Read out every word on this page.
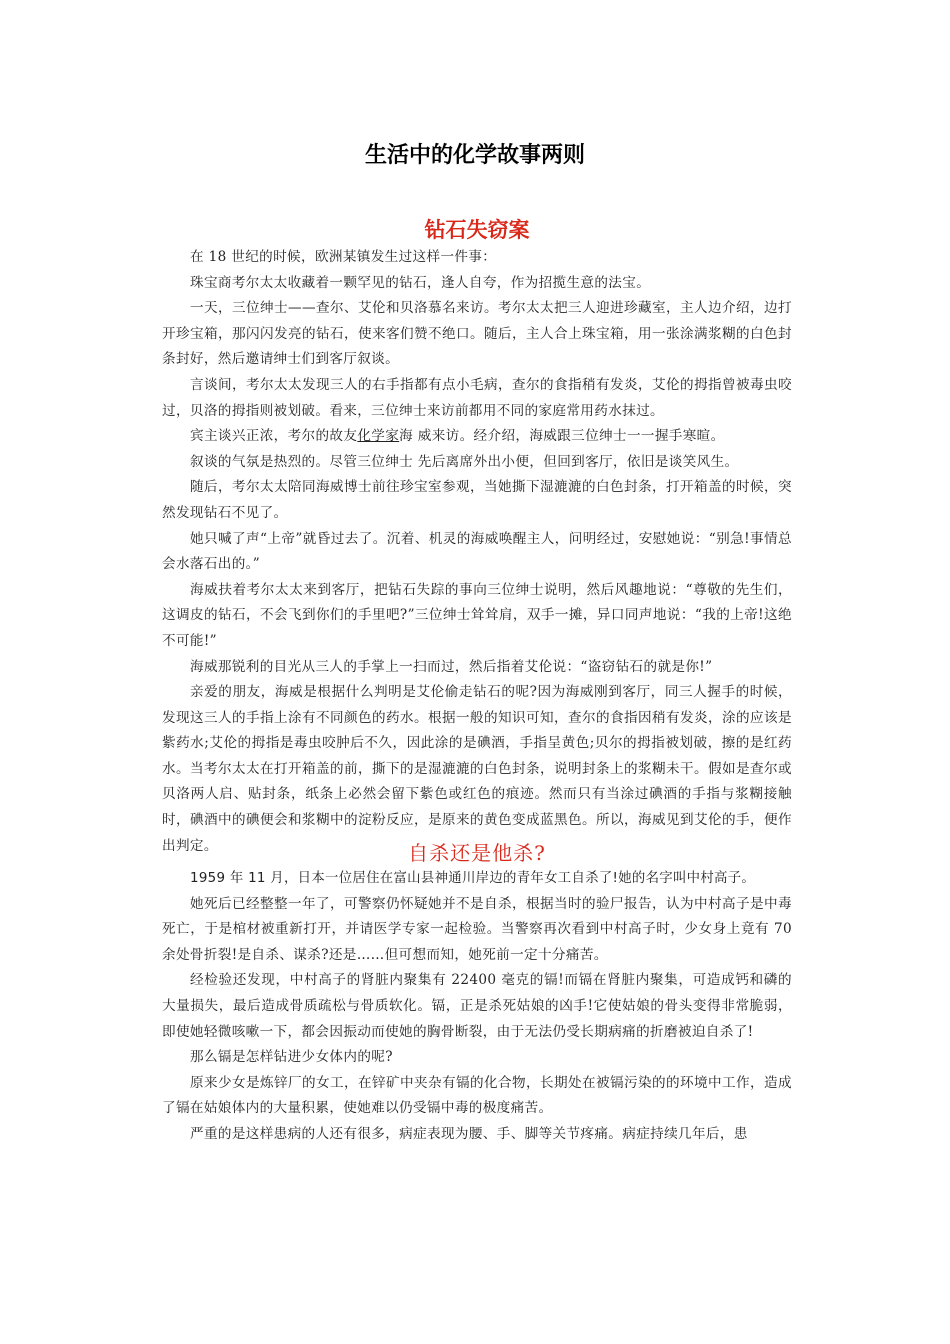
生活中的化学故事两则
钻石失窃案

在 18 世纪的时候，欧洲某镇发生过这样一件事：

珠宝商考尔太太收藏着一颗罕见的钻石，逢人自夸，作为招揽生意的法宝。

一天，三位绅士——查尔、艾伦和贝洛慕名来访。考尔太太把三人迎进珍藏室，主人边介绍，边打开珍宝箱，那闪闪发亮的钻石，使来客们赞不绝口。随后，主人合上珠宝箱，用一张涂满浆糊的白色封条封好，然后邀请绅士们到客厅叙谈。

言谈间，考尔太太发现三人的右手指都有点小毛病，查尔的食指稍有发炎，艾伦的拇指曾被毒虫咬过，贝洛的拇指则被划破。看来，三位绅士来访前都用不同的家庭常用药水抹过。

宾主谈兴正浓，考尔的故友化学家海 威来访。经介绍，海威跟三位绅士一一握手寒暄。

叙谈的气氛是热烈的。尽管三位绅士 先后离席外出小便，但回到客厅，依旧是谈笑风生。

随后，考尔太太陪同海威博士前往珍宝室参观，当她撕下湿漉漉的白色封条，打开箱盖的时候，突然发现钻石不见了。

她只喊了声“上帝”就昏过去了。沉着、机灵的海威唤醒主人，问明经过，安慰她说：“别急!事情总会水落石出的。”

海威扶着考尔太太来到客厅，把钻石失踪的事向三位绅士说明，然后风趣地说：“尊敬的先生们，这调皮的钻石，不会飞到你们的手里吧?”三位绅士耸耸肩，双手一摊，异口同声地说：“我的上帝!这绝不可能!”

海威那锐利的目光从三人的手掌上一扫而过，然后指着艾伦说：“盗窃钻石的就是你!”

亲爱的朋友，海威是根据什么判明是艾伦偷走钻石的呢?因为海威刚到客厅，同三人握手的时候，发现这三人的手指上涂有不同颜色的药水。根据一般的知识可知，查尔的食指因稍有发炎，涂的应该是紫药水;艾伦的拇指是毒虫咬肿后不久，因此涂的是碘酒，手指呈黄色;贝尔的拇指被划破，擦的是红药水。当考尔太太在打开箱盖的前，撕下的是湿漉漉的白色封条，说明封条上的浆糊未干。假如是查尔或贝洛两人启、贴封条，纸条上必然会留下紫色或红色的痕迹。然而只有当涂过碘酒的手指与浆糊接触时，碘酒中的碘便会和浆糊中的淀粉反应，是原来的黄色变成蓝黑色。所以，海威见到艾伦的手，便作出判定。	自杀还是他杀?

1959 年 11 月，日本一位居住在富山县神通川岸边的青年女工自杀了!她的名字叫中村高子。

她死后已经整整一年了，可警察仍怀疑她并不是自杀，根据当时的验尸报告，认为中村高子是中毒死亡，于是棺材被重新打开，并请医学专家一起检验。当警察再次看到中村高子时，少女身上竟有 70 余处骨折裂!是自杀、谋杀?还是……但可想而知，她死前一定十分痛苦。

经检验还发现，中村高子的肾脏内聚集有 22400 毫克的镉!而镉在肾脏内聚集，可造成钙和磷的大量损失，最后造成骨质疏松与骨质软化。镉，正是杀死姑娘的凶手!它使姑娘的骨头变得非常脆弱，即使她轻微咳嗽一下，都会因振动而使她的胸骨断裂，由于无法仍受长期病痛的折磨被迫自杀了!

那么镉是怎样钻进少女体内的呢?

原来少女是炼锌厂的女工，在锌矿中夹杂有镉的化合物，长期处在被镉污染的的环境中工作，造成了镉在姑娘体内的大量积累，使她难以仍受镉中毒的极度痛苦。

严重的是这样患病的人还有很多，病症表现为腰、手、脚等关节疼痛。病症持续几年后，患
